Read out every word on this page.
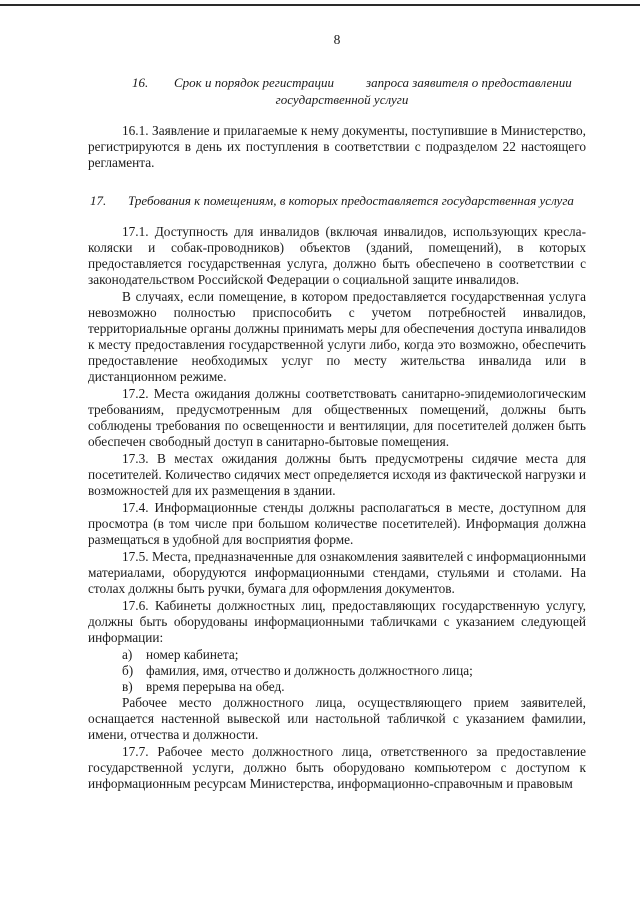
8
16. Срок и порядок регистрации запроса заявителя о предоставлении
государственной услуги

16.1. Заявление и прилагаемые к нему документы, поступившие в Министерство, регистрируются в день их поступления в соответствии с подразделом 22 настоящего регламента.

17. Требования к помещениям, в которых предоставляется государственная услуга

17.1. Доступность для инвалидов (включая инвалидов, использующих кресла-коляски и собак-проводников) объектов (зданий, помещений), в которых предоставляется государственная услуга, должно быть обеспечено в соответствии с законодательством Российской Федерации о социальной защите инвалидов.

В случаях, если помещение, в котором предоставляется государственная услуга невозможно полностью приспособить с учетом потребностей инвалидов, территориальные органы должны принимать меры для обеспечения доступа инвалидов к месту предоставления государственной услуги либо, когда это возможно, обеспечить предоставление необходимых услуг по месту жительства инвалида или в дистанционном режиме.

17.2. Места ожидания должны соответствовать санитарно-эпидемиологическим требованиям, предусмотренным для общественных помещений, должны быть соблюдены требования по освещенности и вентиляции, для посетителей должен быть обеспечен свободный доступ в санитарно-бытовые помещения.

17.3. В местах ожидания должны быть предусмотрены сидячие места для посетителей. Количество сидячих мест определяется исходя из фактической нагрузки и возможностей для их размещения в здании.

17.4. Информационные стенды должны располагаться в месте, доступном для просмотра (в том числе при большом количестве посетителей). Информация должна размещаться в удобной для восприятия форме.

17.5. Места, предназначенные для ознакомления заявителей с информационными материалами, оборудуются информационными стендами, стульями и столами. На столах должны быть ручки, бумага для оформления документов.

17.6. Кабинеты должностных лиц, предоставляющих государственную услугу, должны быть оборудованы информационными табличками с указанием следующей информации:

а) номер кабинета;
б) фамилия, имя, отчество и должность должностного лица;
в) время перерыва на обед.

Рабочее место должностного лица, осуществляющего прием заявителей, оснащается настенной вывеской или настольной табличкой с указанием фамилии, имени, отчества и должности.

17.7. Рабочее место должностного лица, ответственного за предоставление государственной услуги, должно быть оборудовано компьютером с доступом к информационным ресурсам Министерства, информационно-справочным и правовым
